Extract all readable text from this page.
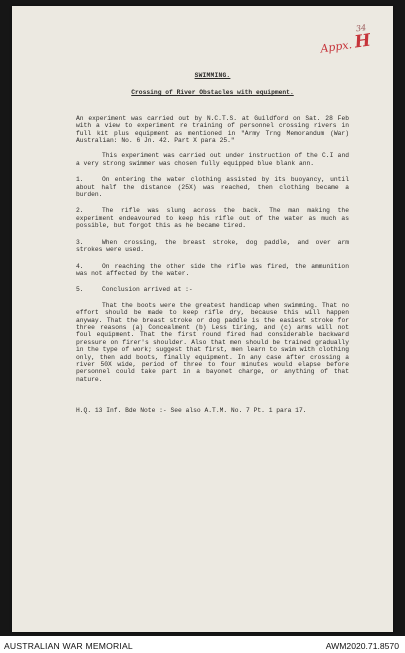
34
Appx.H

SWIMMING.

Crossing of River Obstacles with equipment.

An experiment was carried out by N.C.T.S. at Guildford on Sat. 28 Feb with a view to experiment re training of personnel crossing rivers in full kit plus equipment as mentioned in "Army Trng Memorandum (War) Australian: No. 6 Jn. 42. Part X para 25."

This experiment was carried out under instruction of the C.I and a very strong swimmer was chosen fully equipped blue blank ann.

1.	On entering the water clothing assisted by its buoyancy, until about half the distance (25X) was reached, then clothing became a burden.

2.	The rifle was slung across the back. The man making the experiment endeavoured to keep his rifle out of the water as much as possible, but forgot this as he became tired.

3.	When crossing, the breast stroke, dog paddle, and over arm strokes were used.

4.	On reaching the other side the rifle was fired, the ammunition was not affected by the water.

5.	Conclusion arrived at :-

That the boots were the greatest handicap when swimming. That no effort should be made to keep rifle dry, because this will happen anyway. That the breast stroke or dog paddle is the easiest stroke for three reasons (a) Concealment (b) Less tiring, and (c) arms will not foul equipment. That the first round fired had considerable backward pressure on firer's shoulder. Also that men should be trained gradually in the type of work; suggest that first, men learn to swim with clothing only, then add boots, finally equipment. In any case after crossing a river 50X wide, period of three to four minutes would elapse before personnel could take part in a bayonet charge, or anything of that nature.

H.Q. 13 Inf. Bde Note :- See also A.T.M. No. 7 Pt. 1 para 17.

AUSTRALIAN WAR MEMORIAL	AWM2020.71.8570
